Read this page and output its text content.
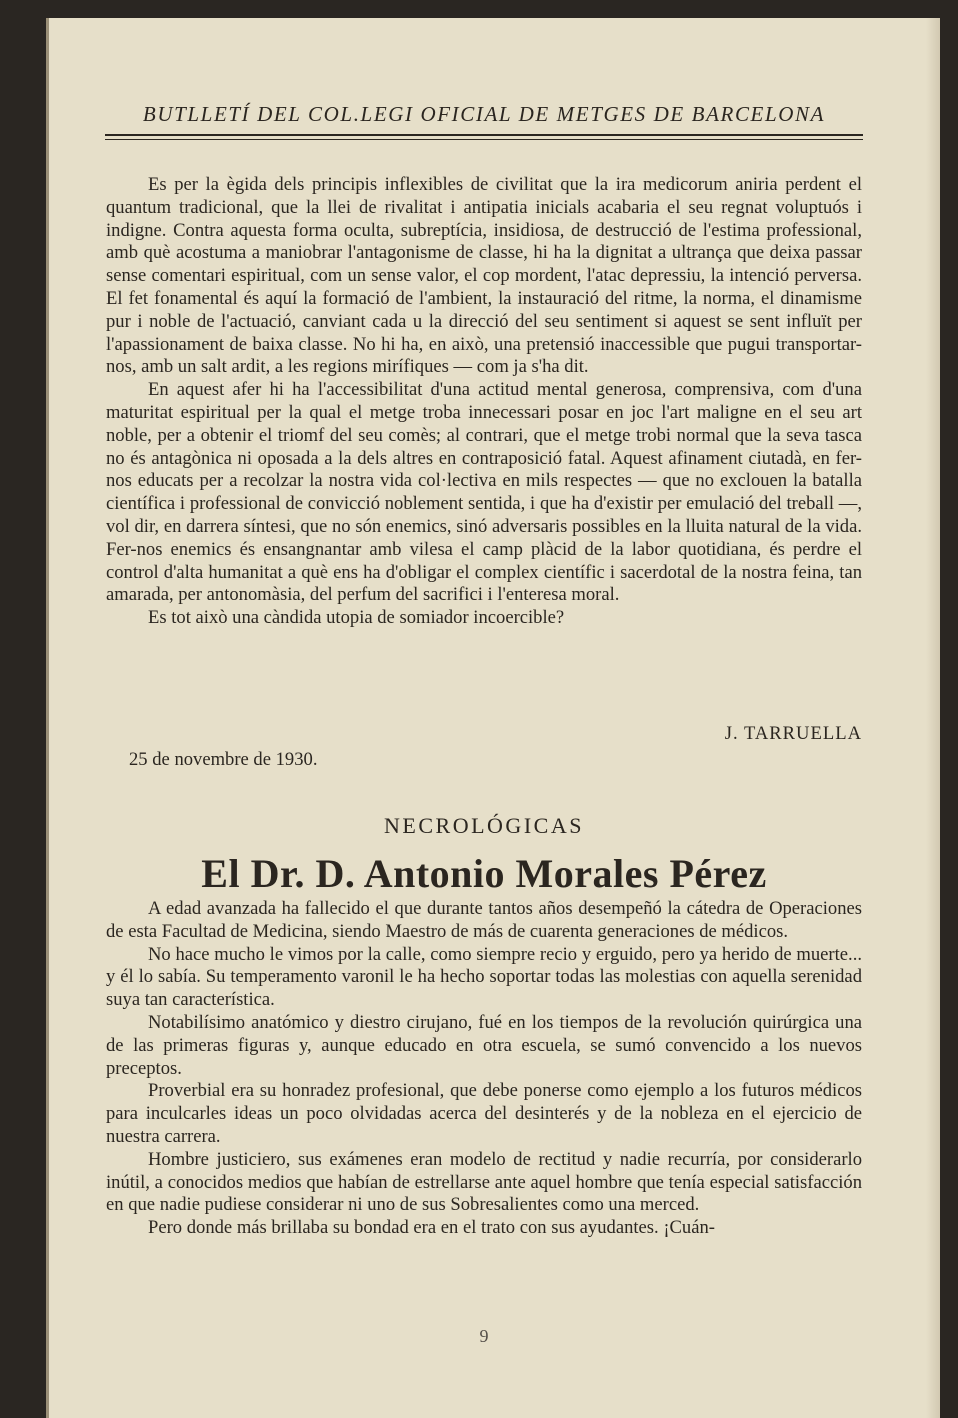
BUTLLETÍ DEL COL.LEGI OFICIAL DE METGES DE BARCELONA

Es per la ègida dels principis inflexibles de civilitat que la ira medicorum aniria perdent el quantum tradicional, que la llei de rivalitat i antipatia inicials acabaria el seu regnat voluptuós i indigne. Contra aquesta forma oculta, subreptícia, insidiosa, de destrucció de l'estima professional, amb què acostuma a maniobrar l'antagonisme de classe, hi ha la dignitat a ultrança que deixa passar sense comentari espiritual, com un sense valor, el cop mordent, l'atac depressiu, la intenció perversa. El fet fonamental és aquí la formació de l'ambient, la instauració del ritme, la norma, el dinamisme pur i noble de l'actuació, canviant cada u la direcció del seu sentiment si aquest se sent influït per l'apassionament de baixa classe. No hi ha, en això, una pretensió inaccessible que pugui transportar-nos, amb un salt ardit, a les regions mirífiques — com ja s'ha dit.

En aquest afer hi ha l'accessibilitat d'una actitud mental generosa, comprensiva, com d'una maturitat espiritual per la qual el metge troba innecessari posar en joc l'art maligne en el seu art noble, per a obtenir el triomf del seu comès; al contrari, que el metge trobi normal que la seva tasca no és antagònica ni oposada a la dels altres en contraposició fatal. Aquest afinament ciutadà, en fer-nos educats per a recolzar la nostra vida col·lectiva en mils respectes — que no exclouen la batalla científica i professional de convicció noblement sentida, i que ha d'existir per emulació del treball —, vol dir, en darrera síntesi, que no són enemics, sinó adversaris possibles en la lluita natural de la vida. Fer-nos enemics és ensangnantar amb vilesa el camp plàcid de la labor quotidiana, és perdre el control d'alta humanitat a què ens ha d'obligar el complex científic i sacerdotal de la nostra feina, tan amarada, per antonomàsia, del perfum del sacrifici i l'enteresa moral.

Es tot això una càndida utopia de somiador incoercible?

J. TARRUELLA
25 de novembre de 1930.
NECROLÓGICAS
El Dr. D. Antonio Morales Pérez

A edad avanzada ha fallecido el que durante tantos años desempeñó la cátedra de Operaciones de esta Facultad de Medicina, siendo Maestro de más de cuarenta generaciones de médicos.

No hace mucho le vimos por la calle, como siempre recio y erguido, pero ya herido de muerte... y él lo sabía. Su temperamento varonil le ha hecho soportar todas las molestias con aquella serenidad suya tan característica.

Notabilísimo anatómico y diestro cirujano, fué en los tiempos de la revolución quirúrgica una de las primeras figuras y, aunque educado en otra escuela, se sumó convencido a los nuevos preceptos.

Proverbial era su honradez profesional, que debe ponerse como ejemplo a los futuros médicos para inculcarles ideas un poco olvidadas acerca del desinterés y de la nobleza en el ejercicio de nuestra carrera.

Hombre justiciero, sus exámenes eran modelo de rectitud y nadie recurría, por considerarlo inútil, a conocidos medios que habían de estrellarse ante aquel hombre que tenía especial satisfacción en que nadie pudiese considerar ni uno de sus Sobresalientes como una merced.

Pero donde más brillaba su bondad era en el trato con sus ayudantes. ¡Cuán-

9
